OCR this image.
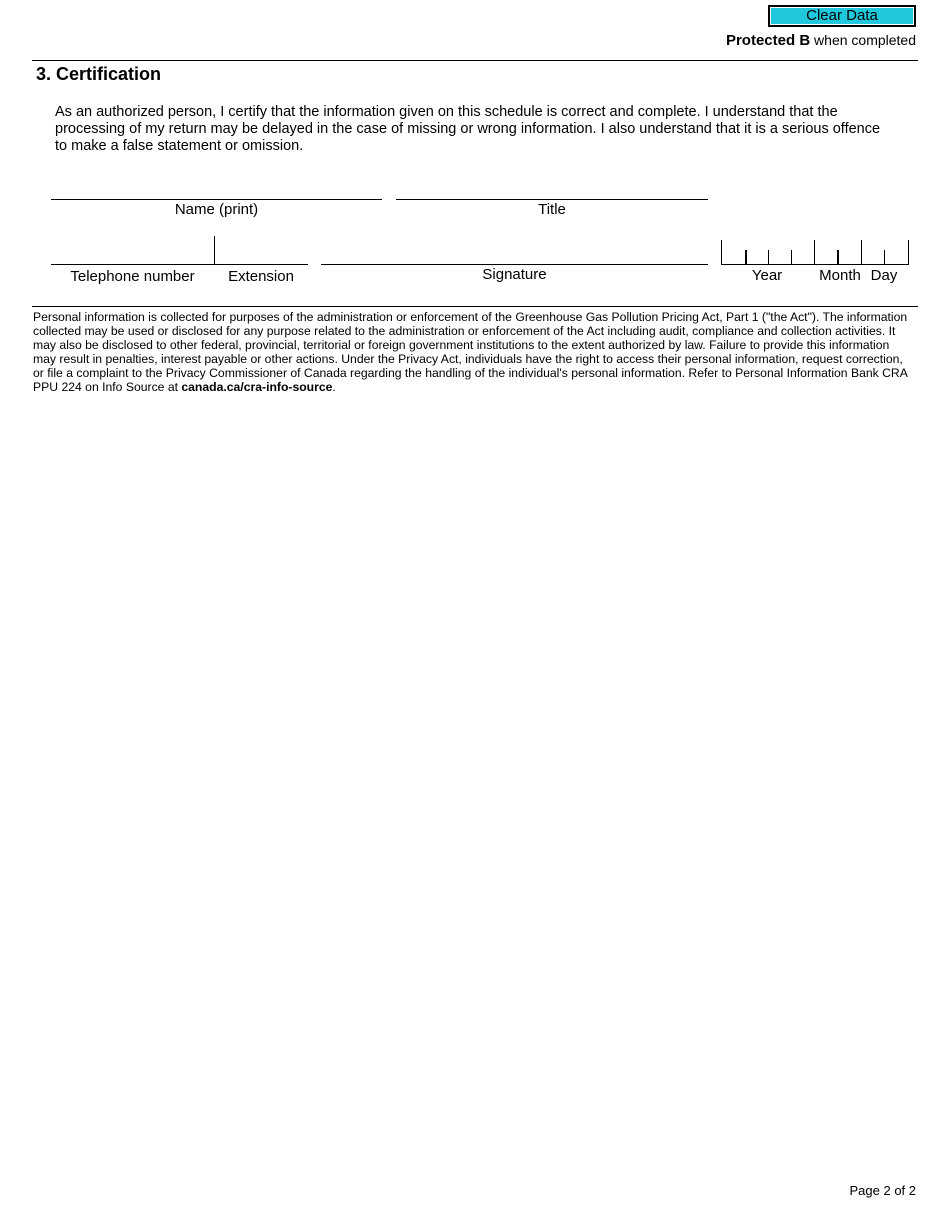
Clear Data
Protected B when completed
3. Certification
As an authorized person, I certify that the information given on this schedule is correct and complete. I understand that the processing of my return may be delayed in the case of missing or wrong information. I also understand that it is a serious offence to make a false statement or omission.
Name (print)	Title
Telephone number	Extension	Signature	Year	Month Day
Personal information is collected for purposes of the administration or enforcement of the Greenhouse Gas Pollution Pricing Act, Part 1 ("the Act"). The information collected may be used or disclosed for any purpose related to the administration or enforcement of the Act including audit, compliance and collection activities. It may also be disclosed to other federal, provincial, territorial or foreign government institutions to the extent authorized by law. Failure to provide this information may result in penalties, interest payable or other actions. Under the Privacy Act, individuals have the right to access their personal information, request correction, or file a complaint to the Privacy Commissioner of Canada regarding the handling of the individual's personal information. Refer to Personal Information Bank CRA PPU 224 on Info Source at canada.ca/cra-info-source.
Page 2 of 2
